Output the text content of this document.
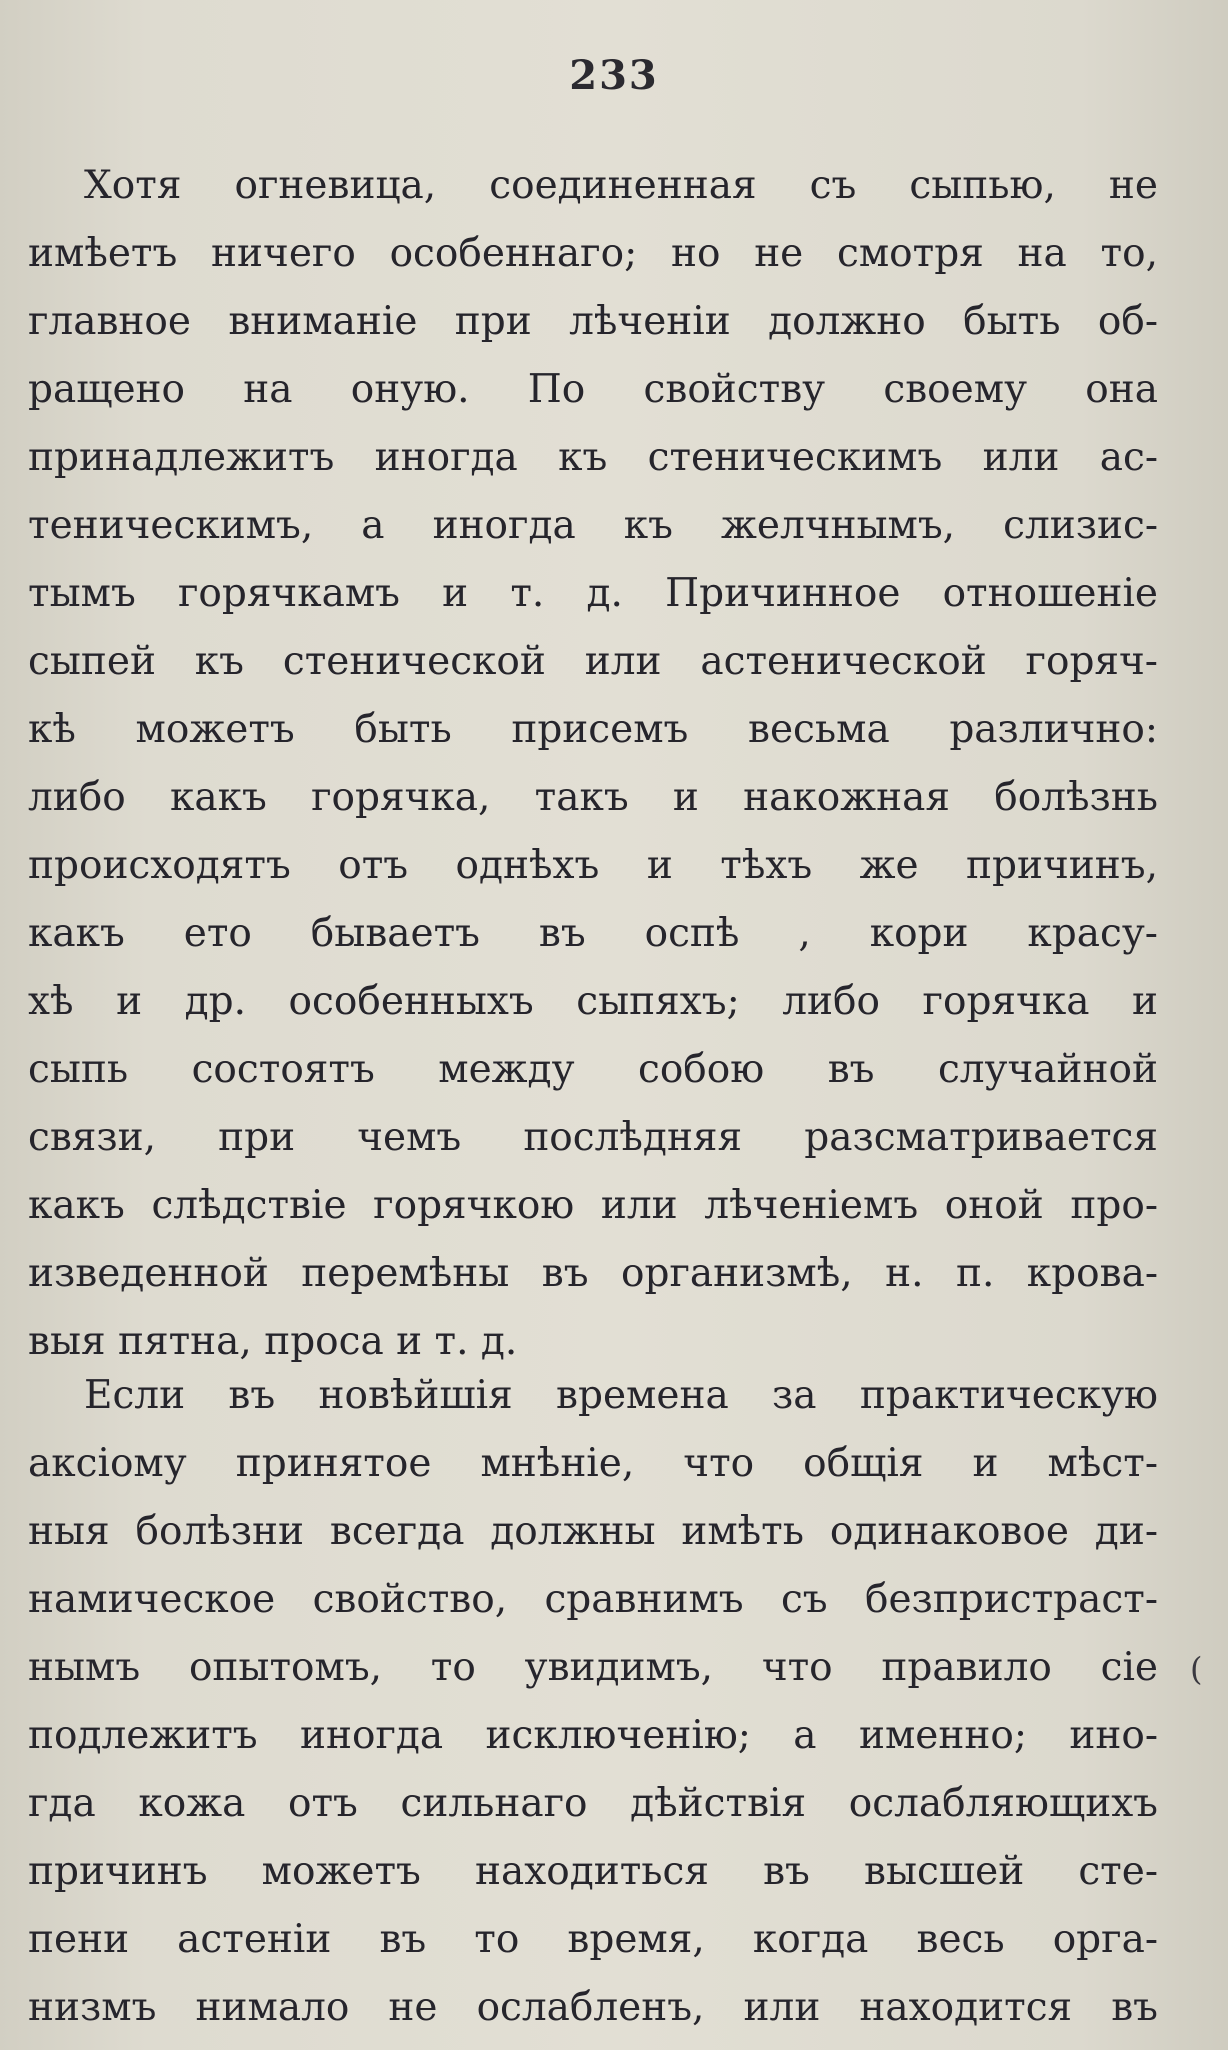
233
Хотя огневица, соединенная съ сыпью, не
имѣетъ ничего особеннаго; но не смотря на то,
главное вниманіе при лѣченіи должно быть об-
ращено на оную. По свойству своему она
принадлежитъ иногда къ стеническимъ или ас-
теническимъ, а иногда къ желчнымъ, слизис-
тымъ горячкамъ и т. д. Причинное отношеніе
сыпей къ стенической или астенической горяч-
кѣ можетъ быть присемъ весьма различно:
либо какъ горячка, такъ и накожная болѣзнь
происходятъ отъ однѣхъ и тѣхъ же причинъ,
какъ ето бываетъ въ оспѣ , кори красу-
хѣ и др. особенныхъ сыпяхъ; либо горячка и
сыпь состоятъ между собою въ случайной
связи, при чемъ послѣдняя разсматривается
какъ слѣдствіе горячкою или лѣченіемъ оной про-
изведенной перемѣны въ организмѣ, н. п. крова-
выя пятна, проса и т. д.
Если въ новѣйшія времена за практическую
аксіому принятое мнѣніе, что общія и мѣст-
ныя болѣзни всегда должны имѣть одинаковое ди-
намическое свойство, сравнимъ съ безпристраст-
нымъ опытомъ, то увидимъ, что правило сіе
подлежитъ иногда исключенію; а именно; ино-
гда кожа отъ сильнаго дѣйствія ослабляющихъ
причинъ можетъ находиться въ высшей сте-
пени астеніи въ то время, когда весь орга-
низмъ нимало не ослабленъ, или находится въ
(
